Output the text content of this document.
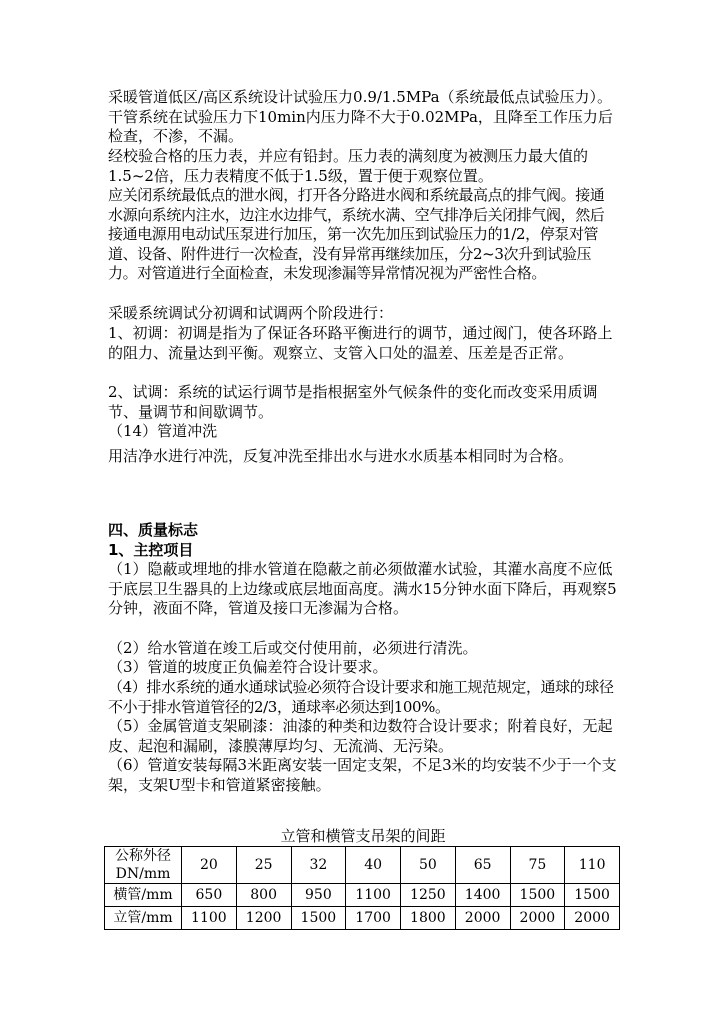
采暖管道低区/高区系统设计试验压力0.9/1.5MPa（系统最低点试验压力）。干管系统在试验压力下10min内压力降不大于0.02MPa，且降至工作压力后检查，不渗，不漏。

经校验合格的压力表，并应有铅封。压力表的满刻度为被测压力最大值的1.5~2倍，压力表精度不低于1.5级，置于便于观察位置。

应关闭系统最低点的泄水阀，打开各分路进水阀和系统最高点的排气阀。接通水源向系统内注水，边注水边排气，系统水满、空气排净后关闭排气阀，然后接通电源用电动试压泵进行加压，第一次先加压到试验压力的1/2，停泵对管道、设备、附件进行一次检查，没有异常再继续加压，分2~3次升到试验压力。对管道进行全面检查，未发现渗漏等异常情况视为严密性合格。

采暖系统调试分初调和试调两个阶段进行：

1、初调：初调是指为了保证各环路平衡进行的调节，通过阀门，使各环路上的阻力、流量达到平衡。观察立、支管入口处的温差、压差是否正常。

2、试调：系统的试运行调节是指根据室外气候条件的变化而改变采用质调节、量调节和间歇调节。

（14）管道冲洗

用洁净水进行冲洗，反复冲洗至排出水与进水水质基本相同时为合格。

四、质量标志

1、主控项目

（1）隐蔽或埋地的排水管道在隐蔽之前必须做灌水试验，其灌水高度不应低于底层卫生器具的上边缘或底层地面高度。满水15分钟水面下降后，再观察5分钟，液面不降，管道及接口无渗漏为合格。

（2）给水管道在竣工后或交付使用前，必须进行清洗。

（3）管道的坡度正负偏差符合设计要求。

（4）排水系统的通水通球试验必须符合设计要求和施工规范规定，通球的球径不小于排水管道管径的2/3，通球率必须达到100%。

（5）金属管道支架刷漆：油漆的种类和边数符合设计要求；附着良好，无起皮、起泡和漏刷，漆膜薄厚均匀、无流淌、无污染。

（6）管道安装每隔3米距离安装一固定支架，不足3米的均安装不少于一个支架，支架U型卡和管道紧密接触。

立管和横管支吊架的间距

公称外径DN/mm	20	25	32	40	50	65	75	110
横管/mm	650	800	950	1100	1250	1400	1500	1500
立管/mm	1100	1200	1500	1700	1800	2000	2000	2000
